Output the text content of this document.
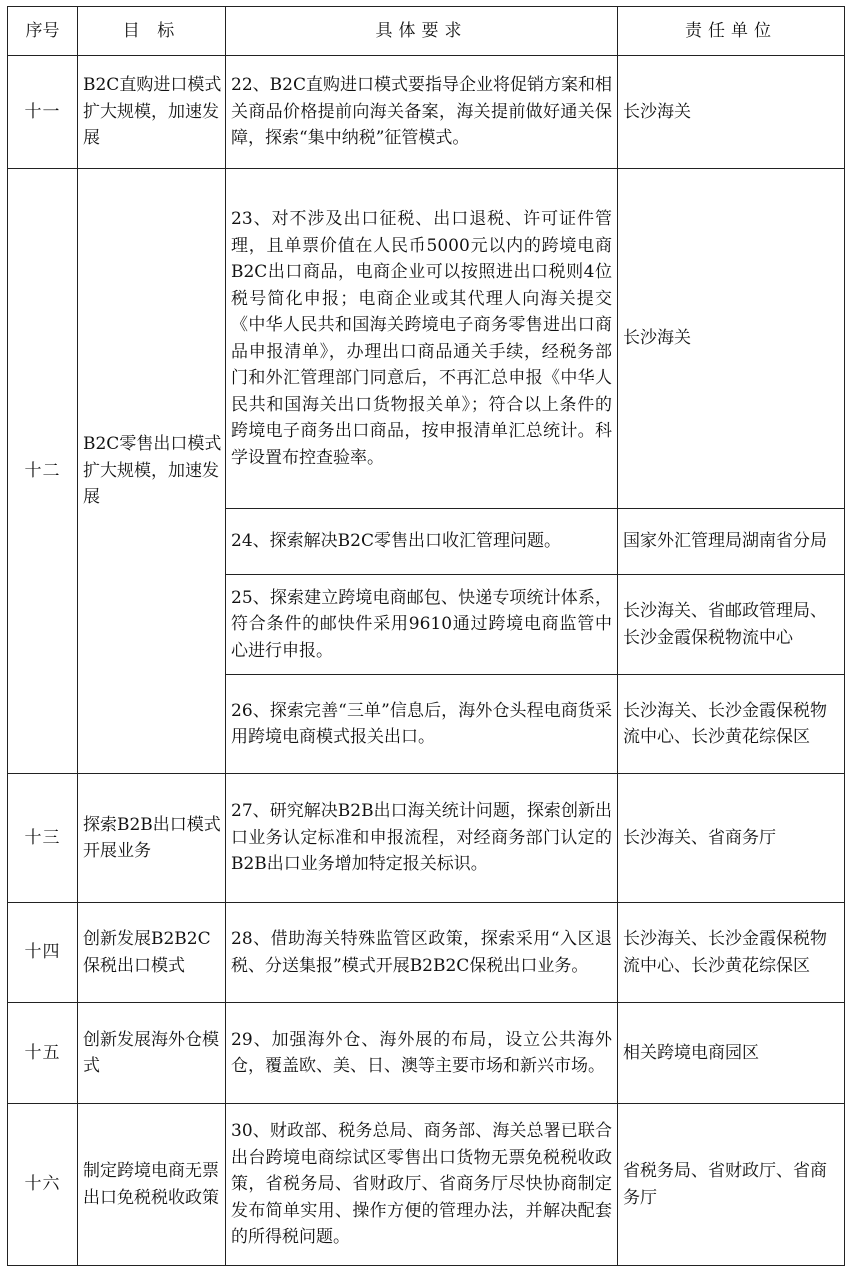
序号	目 标	具体要求	责任单位
十一	B2C直购进口模式扩大规模，加速发展	22、B2C直购进口模式要指导企业将促销方案和相关商品价格提前向海关备案，海关提前做好通关保障，探索“集中纳税”征管模式。	长沙海关
十二	B2C零售出口模式扩大规模，加速发展	23、对不涉及出口征税、出口退税、许可证件管理，且单票价值在人民币5000元以内的跨境电商B2C出口商品，电商企业可以按照进出口税则4位税号简化申报；电商企业或其代理人向海关提交《中华人民共和国海关跨境电子商务零售进出口商品申报清单》，办理出口商品通关手续，经税务部门和外汇管理部门同意后，不再汇总申报《中华人民共和国海关出口货物报关单》；符合以上条件的跨境电子商务出口商品，按申报清单汇总统计。科学设置布控查验率。	长沙海关
		24、探索解决B2C零售出口收汇管理问题。	国家外汇管理局湖南省分局
		25、探索建立跨境电商邮包、快递专项统计体系，符合条件的邮快件采用9610通过跨境电商监管中心进行申报。	长沙海关、省邮政管理局、长沙金霞保税物流中心
		26、探索完善“三单”信息后，海外仓头程电商货采用跨境电商模式报关出口。	长沙海关、长沙金霞保税物流中心、长沙黄花综保区
十三	探索B2B出口模式开展业务	27、研究解决B2B出口海关统计问题，探索创新出口业务认定标准和申报流程，对经商务部门认定的B2B出口业务增加特定报关标识。	长沙海关、省商务厅
十四	创新发展B2B2C保税出口模式	28、借助海关特殊监管区政策，探索采用“入区退税、分送集报”模式开展B2B2C保税出口业务。	长沙海关、长沙金霞保税物流中心、长沙黄花综保区
十五	创新发展海外仓模式	29、加强海外仓、海外展的布局，设立公共海外仓，覆盖欧、美、日、澳等主要市场和新兴市场。	相关跨境电商园区
十六	制定跨境电商无票出口免税税收政策	30、财政部、税务总局、商务部、海关总署已联合出台跨境电商综试区零售出口货物无票免税税收政策，省税务局、省财政厅、省商务厅尽快协商制定发布简单实用、操作方便的管理办法，并解决配套的所得税问题。	省税务局、省财政厅、省商务厅
